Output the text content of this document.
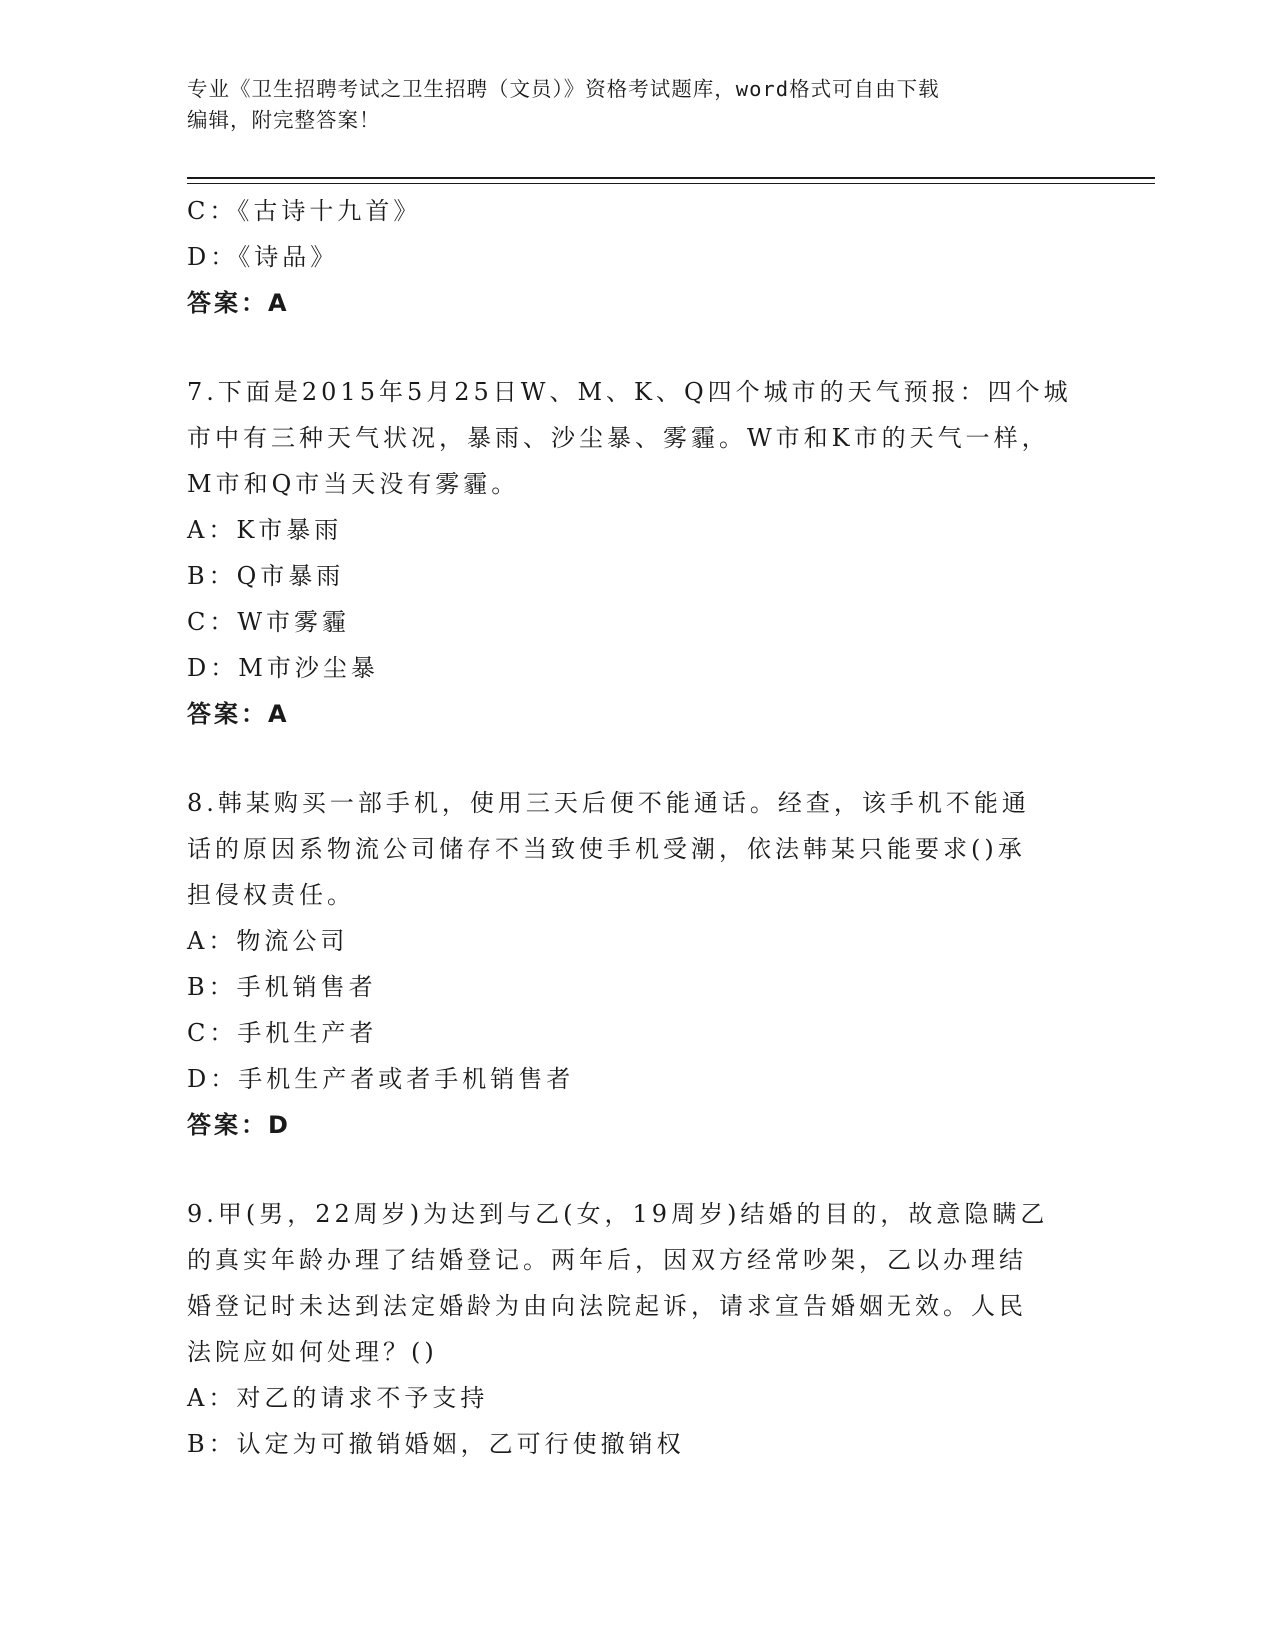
专业《卫生招聘考试之卫生招聘（文员）》资格考试题库，word格式可自由下载
编辑，附完整答案！
C：《古诗十九首》
D：《诗品》
答案：A
7.下面是2015年5月25日W、M、K、Q四个城市的天气预报：四个城
市中有三种天气状况，暴雨、沙尘暴、雾霾。W市和K市的天气一样，
M市和Q市当天没有雾霾。
A：K市暴雨
B：Q市暴雨
C：W市雾霾
D：M市沙尘暴
答案：A
8.韩某购买一部手机，使用三天后便不能通话。经查，该手机不能通
话的原因系物流公司储存不当致使手机受潮，依法韩某只能要求()承
担侵权责任。
A：物流公司
B：手机销售者
C：手机生产者
D：手机生产者或者手机销售者
答案：D
9.甲(男，22周岁)为达到与乙(女，19周岁)结婚的目的，故意隐瞒乙
的真实年龄办理了结婚登记。两年后，因双方经常吵架，乙以办理结
婚登记时未达到法定婚龄为由向法院起诉，请求宣告婚姻无效。人民
法院应如何处理？()
A：对乙的请求不予支持
B：认定为可撤销婚姻，乙可行使撤销权
